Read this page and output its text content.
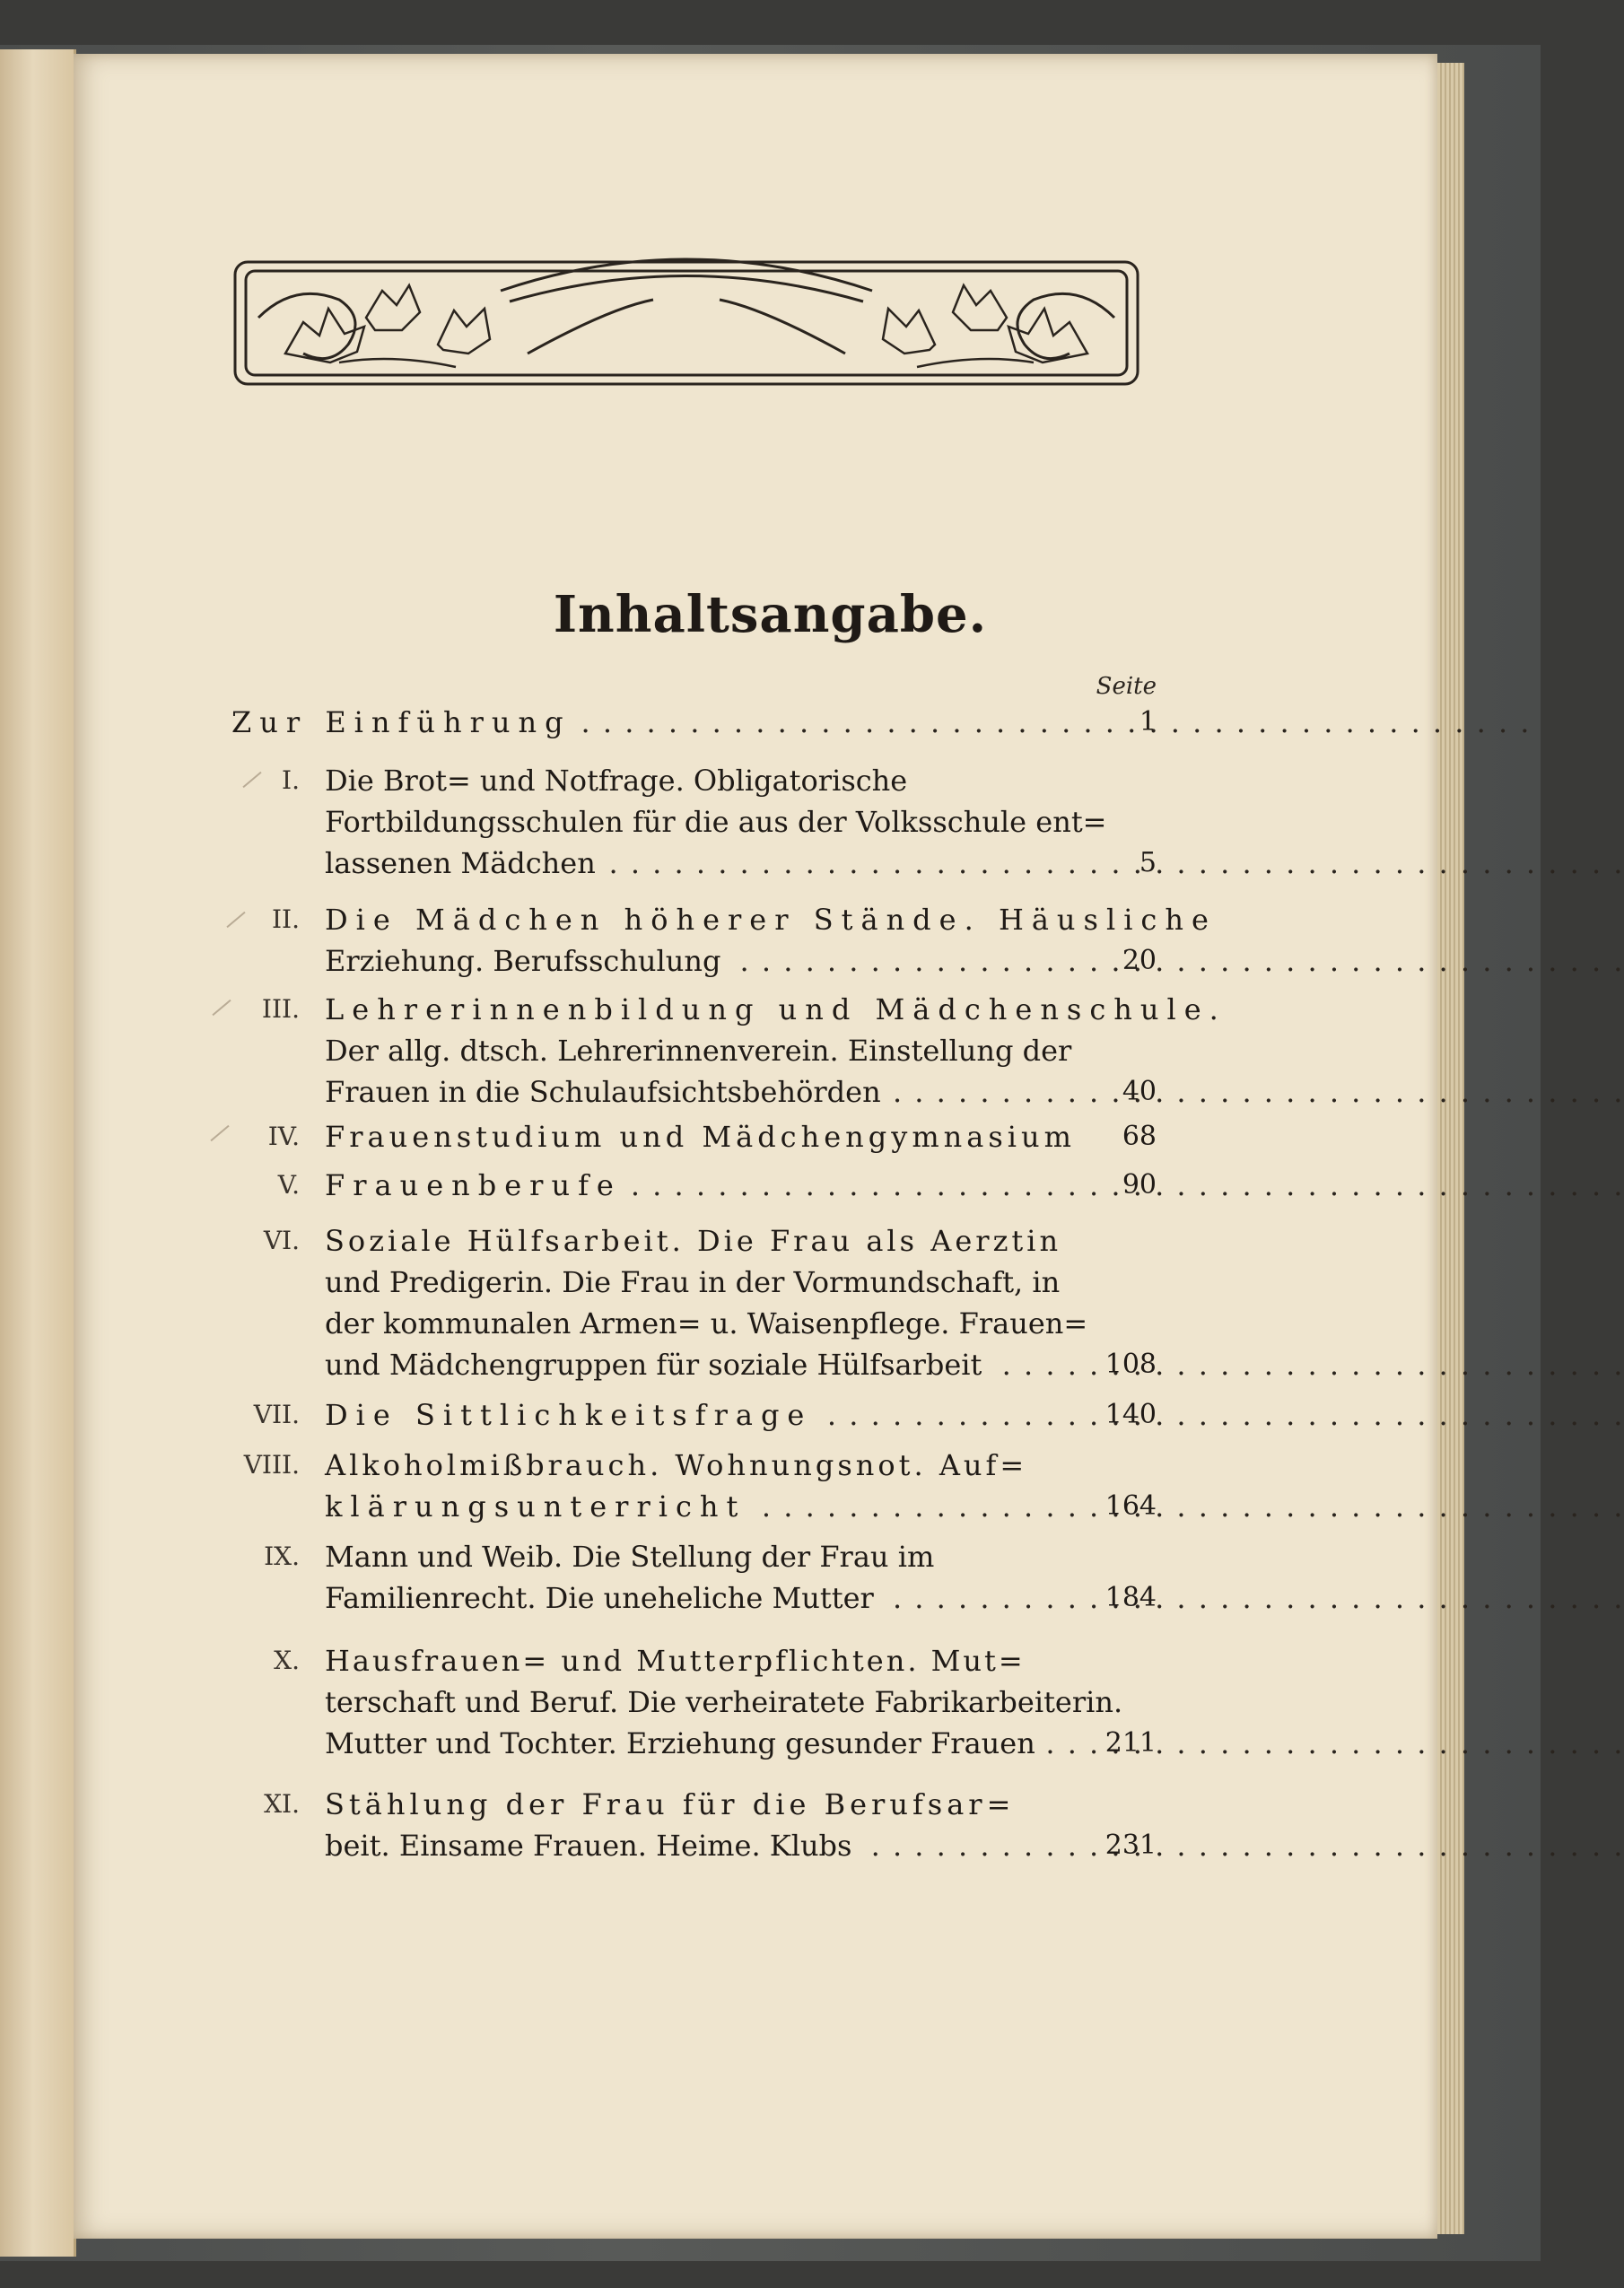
Inhaltsangabe.
Seite
Zur Einführung . . .	1
I. Die Brot= und Notfrage. Obligatorische
Fortbildungsschulen für die aus der Volksschule ent=
lassenen Mädchen . . .	5
II. Die Mädchen höherer Stände. Häusliche
Erziehung. Berufsschulung . . .	20
III. Lehrerinnenbildung und Mädchenschule.
Der allg. dtsch. Lehrerinnenverein. Einstellung der
Frauen in die Schulaufsichtsbehörden . . .	40
IV. Frauenstudium und Mädchengymnasium	68
V. Frauenberufe . . .	90
VI. Soziale Hülfsarbeit. Die Frau als Aerztin
und Predigerin. Die Frau in der Vormundschaft, in
der kommunalen Armen= u. Waisenpflege. Frauen=
und Mädchengruppen für soziale Hülfsarbeit . . .	108
VII. Die Sittlichkeitsfrage . . .	140
VIII. Alkoholmißbrauch. Wohnungsnot. Auf=
klärungsunterricht . . .	164
IX. Mann und Weib. Die Stellung der Frau im
Familienrecht. Die uneheliche Mutter . . .	184
X. Hausfrauen= und Mutterpflichten. Mut=
terschaft und Beruf. Die verheiratete Fabrikarbeiterin.
Mutter und Tochter. Erziehung gesunder Frauen . . .	211
XI. Stählung der Frau für die Berufsar=
beit. Einsame Frauen. Heime. Klubs . . .	231
